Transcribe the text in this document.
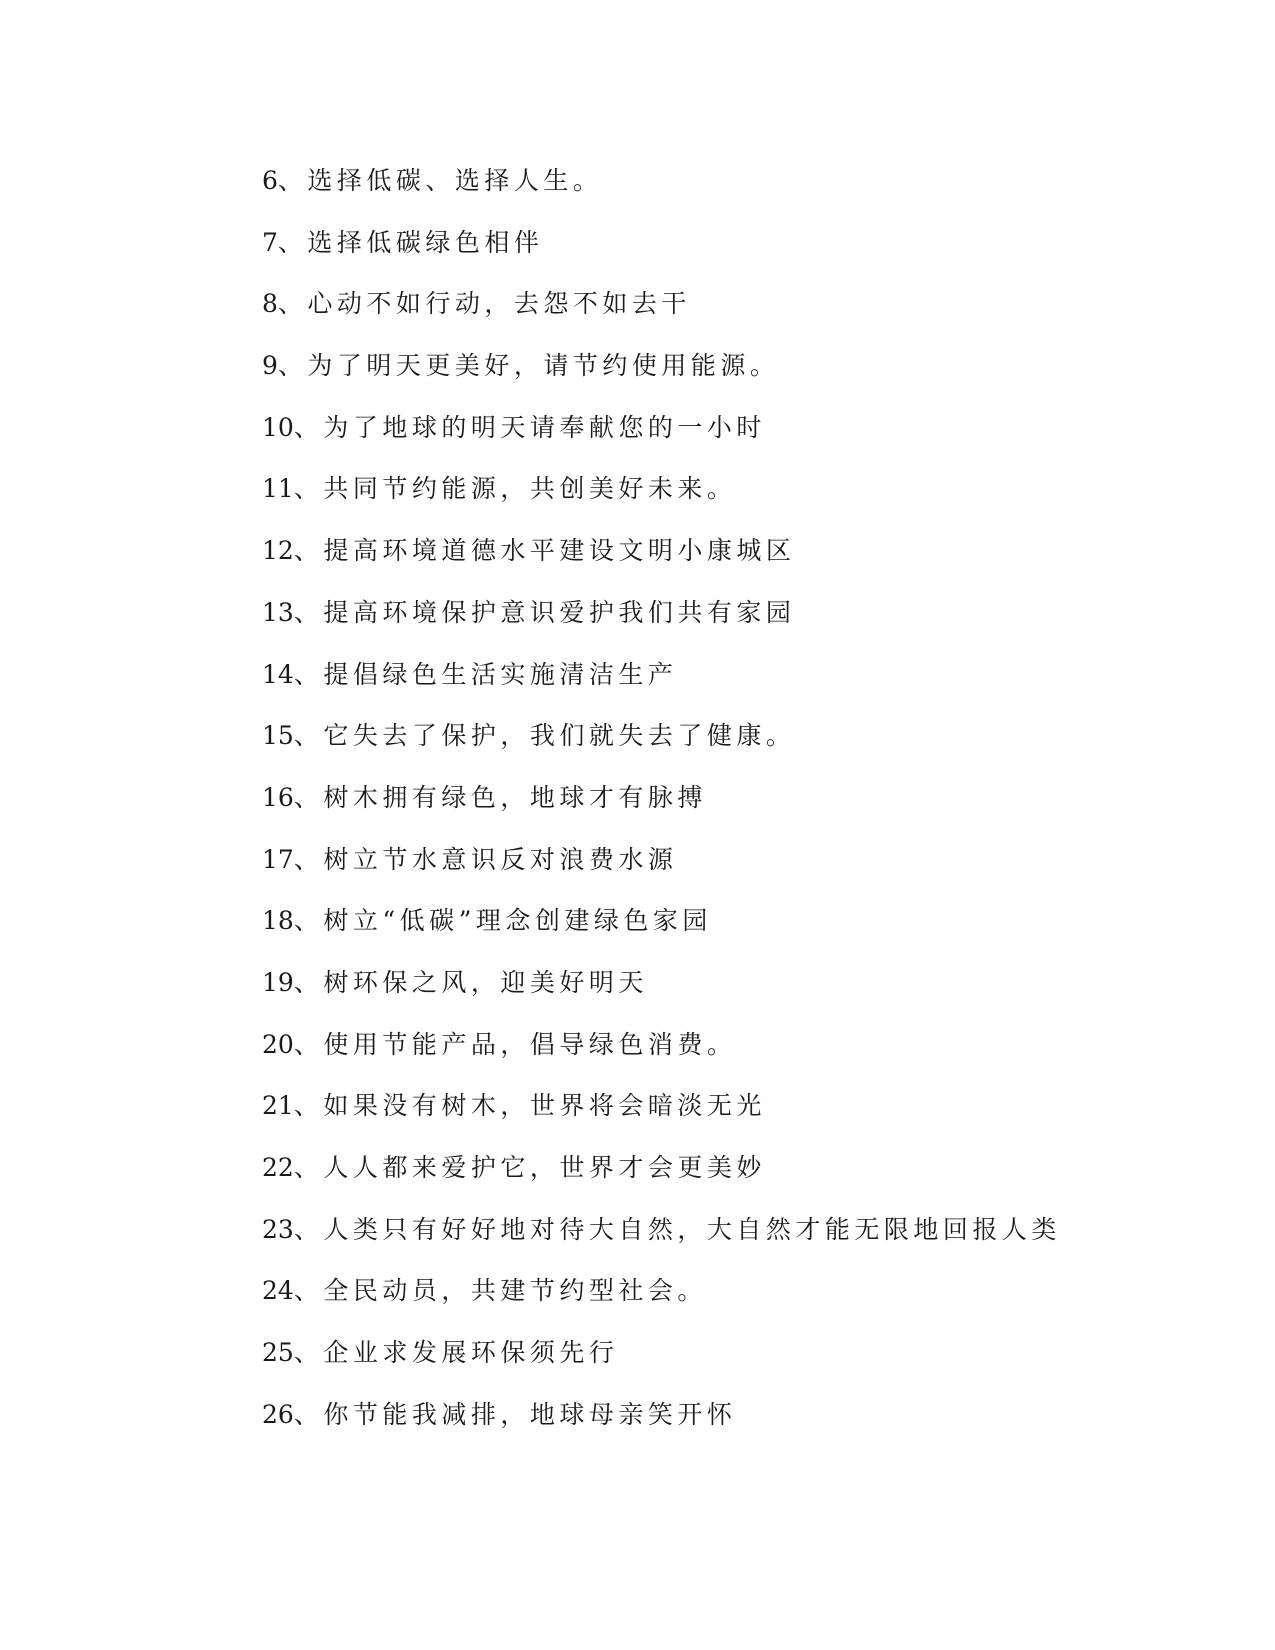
6 、 选择低碳、选择人生。
7 、 选择低碳绿色相伴
8 、 心动不如行动，去怨不如去干
9 、 为了明天更美好，请节约使用能源。
10 、 为了地球的明天请奉献您的一小时
11 、 共同节约能源，共创美好未来。
12 、 提高环境道德水平建设文明小康城区
13 、 提高环境保护意识爱护我们共有家园
14 、 提倡绿色生活实施清洁生产
15 、 它失去了保护，我们就失去了健康。
16 、 树木拥有绿色，地球才有脉搏
17 、 树立节水意识反对浪费水源
18 、 树立“低碳”理念创建绿色家园
19 、 树环保之风，迎美好明天
20 、 使用节能产品，倡导绿色消费。
21 、 如果没有树木，世界将会暗淡无光
22 、 人人都来爱护它，世界才会更美妙
23 、 人类只有好好地对待大自然，大自然才能无限地回报人类
24 、 全民动员，共建节约型社会。
25 、 企业求发展环保须先行
26 、 你节能我减排，地球母亲笑开怀
